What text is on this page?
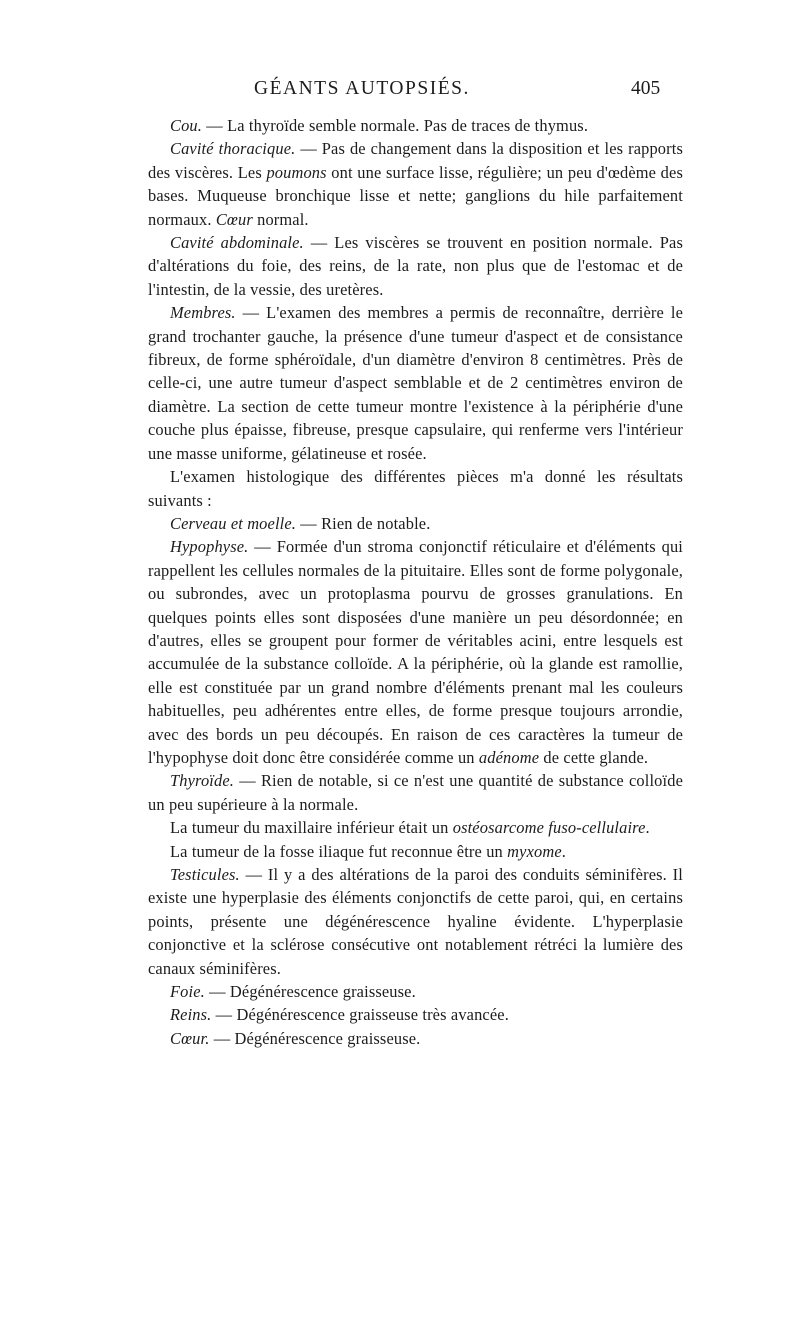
GÉANTS AUTOPSIÉS.	405

Cou. — La thyroïde semble normale. Pas de traces de thymus.

Cavité thoracique. — Pas de changement dans la disposition et les rapports des viscères. Les poumons ont une surface lisse, régulière; un peu d'œdème des bases. Muqueuse bronchique lisse et nette; ganglions du hile parfaitement normaux. Cœur normal.

Cavité abdominale. — Les viscères se trouvent en position normale. Pas d'altérations du foie, des reins, de la rate, non plus que de l'estomac et de l'intestin, de la vessie, des uretères.

Membres. — L'examen des membres a permis de reconnaître, derrière le grand trochanter gauche, la présence d'une tumeur d'aspect et de consistance fibreux, de forme sphéroïdale, d'un diamètre d'environ 8 centimètres. Près de celle-ci, une autre tumeur d'aspect semblable et de 2 centimètres environ de diamètre. La section de cette tumeur montre l'existence à la périphérie d'une couche plus épaisse, fibreuse, presque capsulaire, qui renferme vers l'intérieur une masse uniforme, gélatineuse et rosée.

L'examen histologique des différentes pièces m'a donné les résultats suivants :

Cerveau et moelle. — Rien de notable.

Hypophyse. — Formée d'un stroma conjonctif réticulaire et d'éléments qui rappellent les cellules normales de la pituitaire. Elles sont de forme polygonale, ou subrondes, avec un protoplasma pourvu de grosses granulations. En quelques points elles sont disposées d'une manière un peu désordonnée; en d'autres, elles se groupent pour former de véritables acini, entre lesquels est accumulée de la substance colloïde. A la périphérie, où la glande est ramollie, elle est constituée par un grand nombre d'éléments prenant mal les couleurs habituelles, peu adhérentes entre elles, de forme presque toujours arrondie, avec des bords un peu découpés. En raison de ces caractères la tumeur de l'hypophyse doit donc être considérée comme un adénome de cette glande.

Thyroïde. — Rien de notable, si ce n'est une quantité de substance colloïde un peu supérieure à la normale.

La tumeur du maxillaire inférieur était un ostéosarcome fuso-cellulaire.

La tumeur de la fosse iliaque fut reconnue être un myxome.

Testicules. — Il y a des altérations de la paroi des conduits séminifères. Il existe une hyperplasie des éléments conjonctifs de cette paroi, qui, en certains points, présente une dégénérescence hyaline évidente. L'hyperplasie conjonctive et la sclérose consécutive ont notablement rétréci la lumière des canaux séminifères.

Foie. — Dégénérescence graisseuse.

Reins. — Dégénérescence graisseuse très avancée.

Cœur. — Dégénérescence graisseuse.
